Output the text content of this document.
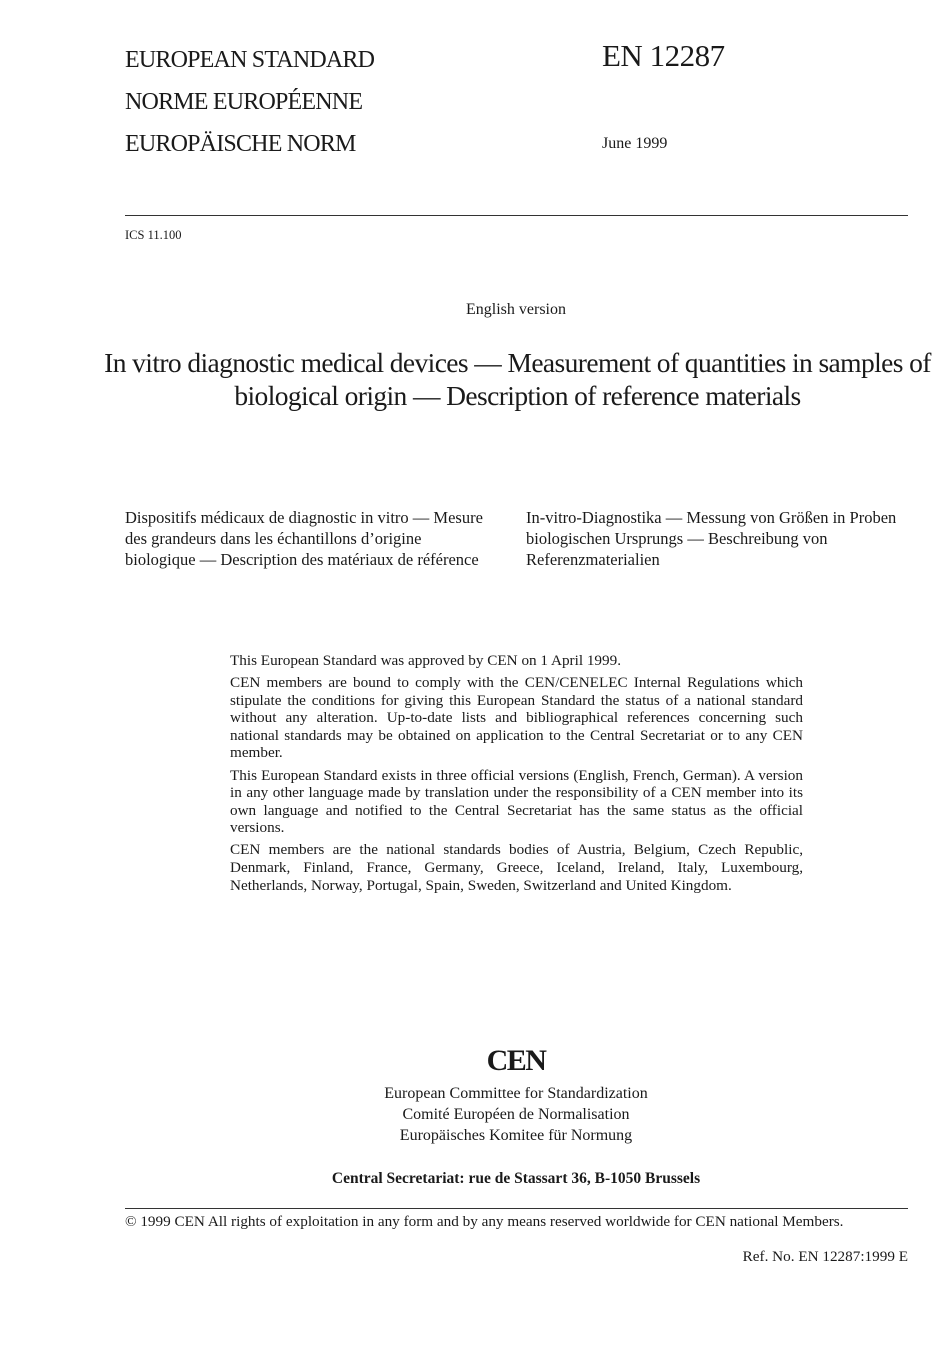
EUROPEAN STANDARD
NORME EUROPÉENNE
EUROPÄISCHE NORM
EN 12287
June 1999
ICS 11.100
English version
In vitro diagnostic medical devices — Measurement of quantities in samples of biological origin — Description of reference materials
Dispositifs médicaux de diagnostic in vitro — Mesure des grandeurs dans les échantillons d’origine biologique — Description des matériaux de référence
In-vitro-Diagnostika — Messung von Größen in Proben biologischen Ursprungs — Beschreibung von Referenzmaterialien

This European Standard was approved by CEN on 1 April 1999.

CEN members are bound to comply with the CEN/CENELEC Internal Regulations which stipulate the conditions for giving this European Standard the status of a national standard without any alteration. Up-to-date lists and bibliographical references concerning such national standards may be obtained on application to the Central Secretariat or to any CEN member.

This European Standard exists in three official versions (English, French, German). A version in any other language made by translation under the responsibility of a CEN member into its own language and notified to the Central Secretariat has the same status as the official versions.

CEN members are the national standards bodies of Austria, Belgium, Czech Republic, Denmark, Finland, France, Germany, Greece, Iceland, Ireland, Italy, Luxembourg, Netherlands, Norway, Portugal, Spain, Sweden, Switzerland and United Kingdom.

CEN
European Committee for Standardization
Comité Européen de Normalisation
Europäisches Komitee für Normung
Central Secretariat: rue de Stassart 36, B-1050 Brussels
© 1999 CEN All rights of exploitation in any form and by any means reserved worldwide for CEN national Members.
Ref. No. EN 12287:1999 E
